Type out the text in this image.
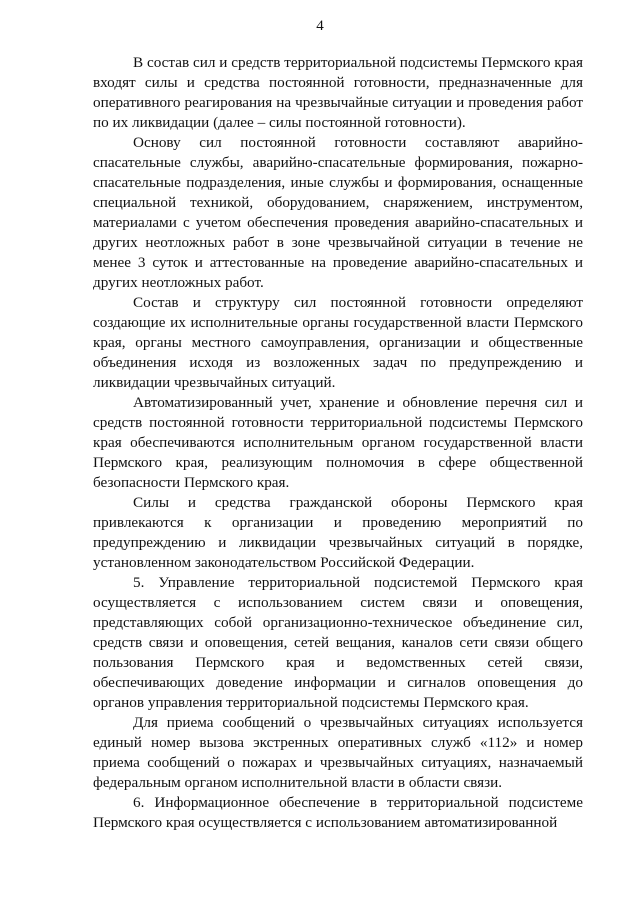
4

В состав сил и средств территориальной подсистемы Пермского края входят силы и средства постоянной готовности, предназначенные для оперативного реагирования на чрезвычайные ситуации и проведения работ по их ликвидации (далее – силы постоянной готовности).

Основу сил постоянной готовности составляют аварийно-спасательные службы, аварийно-спасательные формирования, пожарно-спасательные подразделения, иные службы и формирования, оснащенные специальной техникой, оборудованием, снаряжением, инструментом, материалами с учетом обеспечения проведения аварийно-спасательных и других неотложных работ в зоне чрезвычайной ситуации в течение не менее 3 суток и аттестованные на проведение аварийно-спасательных и других неотложных работ.

Состав и структуру сил постоянной готовности определяют создающие их исполнительные органы государственной власти Пермского края, органы местного самоуправления, организации и общественные объединения исходя из возложенных задач по предупреждению и ликвидации чрезвычайных ситуаций.

Автоматизированный учет, хранение и обновление перечня сил и средств постоянной готовности территориальной подсистемы Пермского края обеспечиваются исполнительным органом государственной власти Пермского края, реализующим полномочия в сфере общественной безопасности Пермского края.

Силы и средства гражданской обороны Пермского края привлекаются к организации и проведению мероприятий по предупреждению и ликвидации чрезвычайных ситуаций в порядке, установленном законодательством Российской Федерации.

5. Управление территориальной подсистемой Пермского края осуществляется с использованием систем связи и оповещения, представляющих собой организационно-техническое объединение сил, средств связи и оповещения, сетей вещания, каналов сети связи общего пользования Пермского края и ведомственных сетей связи, обеспечивающих доведение информации и сигналов оповещения до органов управления территориальной подсистемы Пермского края.

Для приема сообщений о чрезвычайных ситуациях используется единый номер вызова экстренных оперативных служб «112» и номер приема сообщений о пожарах и чрезвычайных ситуациях, назначаемый федеральным органом исполнительной власти в области связи.

6. Информационное обеспечение в территориальной подсистеме Пермского края осуществляется с использованием автоматизированной
